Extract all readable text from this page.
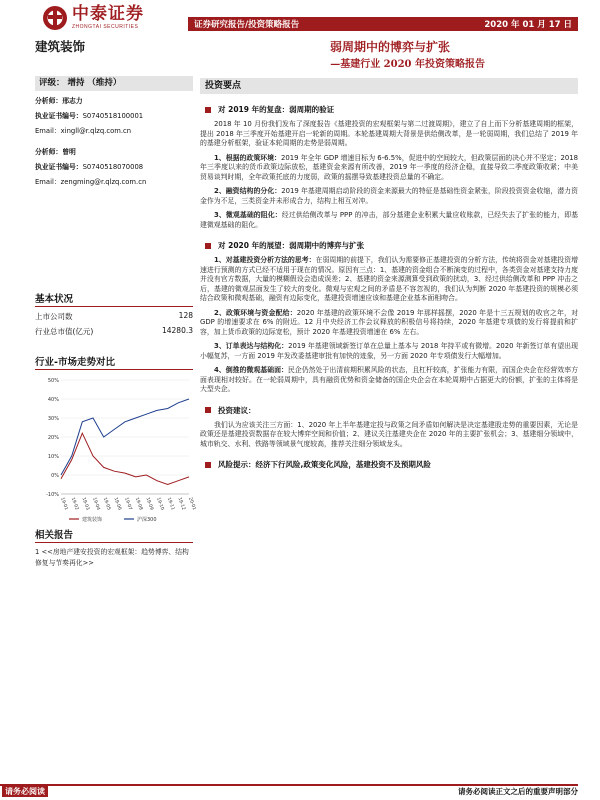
中泰证券
ZHONGTAI SECURITIES	证券研究报告/投资策略报告	2020 年 01 月 17 日
建筑装饰	弱周期中的博弈与扩张
—基建行业 2020 年投资策略报告
评级： 增持 （维持）
分析师：邢志力
执业证书编号：S0740518100001
Email：xingll@r.qlzq.com.cn
分析师：曾明
执业证书编号：S0740518070008
Email：zengming@r.qlzq.com.cn
基本状况
上市公司数	128
行业总市值(亿元)	14280.3
行业-市场走势对比
50%
40%
30%
20%
10%
0%
-10%
19-01 19-02 19-03 19-04 19-05 19-06 19-07 19-08 19-09 19-10 19-11 19-12 20-01
建筑装饰	沪深300
相关报告
1 <<房地产建安投资的宏观框架：趋势博弈、结构修复与节奏再化>>
投资要点
对 2019 年的复盘：弱周期的验证
2018 年 10 月份我们发布了深度报告《基建投资的宏观框架与第二过渡周期》，建立了自上而下分析基建周期的框架，提出 2018 年三季度开始基建开启一轮新的周期。本轮基建周期大背景是供给侧改革，是一轮弱周期，我们总结了 2019 年的基建分析框架，验证本轮周期的走势是弱周期。
1、根据的政策环境：2019 年全年 GDP 增速目标为 6-6.5%，促进中的空间较大，但政策层面的决心并不坚定；2018 年三季度以来的货币政策边际放松，基建资金来源有所改善，2019 年一季度的经济企稳，直接导致二季度政策收紧；中美贸易谈判时期，全年政策托底的力度弱，政策的摇摆导致基建投资总量的不确定。
2、融资结构的分化：2019 年基建周期启动阶段的资金来源最大的特征是基础性资金紧张，阶段投资资金收缩，潜力资金作为不足，三类资金并未形成合力，结构上相互对冲。
3、微观基础的阻化：经过供给侧改革与 PPP 的冲击，部分基建企业积累大量应收账款，已经失去了扩张的能力，即基建微观基础的阻化。
对 2020 年的展望：弱周期中的博弈与扩张
1、对基建投资分析方法的思考：在弱周期的前提下，我们认为需要修正基建投资的分析方法，传统将资金对基建投资增速进行预测的方式已经不适用于现在的情况。原因有三点：1、基建的资金组合不断演变的过程中，各类资金对基建支持力度并没有官方数据，大量的模糊假设会造成误差；2、基建的资金来源测算受到政策的扰动，3、经过供给侧改革和 PPP 冲击之后，基建的微观层面发生了较大的变化。微观与宏观之间的矛盾是不容忽视的，我们认为判断 2020 年基建投资的规模必须结合政策和微观基础，融资有边际变化，基建投资增速应该和基建企业基本面相吻合。
2、政策环境与资金配给：2020 年基建的政策环境不会像 2019 年那样摇摆，2020 年是十三五规划的收官之年，对 GDP 的增速要求在 6% 的附近。12 月中央经济工作会议释放的积极信号将持续，2020 年基建专项债的发行将提前和扩容，加上货币政策的边际宽松，预计 2020 年基建投资增速在 6% 左右。
3、订单表达与结构化：2019 年基建领域新签订单在总量上基本与 2018 年持平或有微增。2020 年新签订单有望出现小幅复苏，一方面 2019 年发改委基建审批有加快的迹象，另一方面 2020 年专项债发行大幅增加。
4、倒推的微观基础面：民企仍然处于出清前期积累风险的状态，且杠杆较高，扩张能力有限，而国企央企在经营效率方面表现相对较好。在一轮弱周期中，具有融资优势和资金储备的国企央企会在本轮周期中占据更大的份额，扩张的主体将是大型央企。
投资建议：
我们认为应该关注三方面：1、2020 年上半年基建定投与政策之间矛盾如何解决是决定基建股走势的重要因素，无论是政策还是基建投资数据存在较大博弈空间和价值；2、建议关注基建央企在 2020 年的主要扩张机会；3、基建细分领域中，城市轨交、水利、铁路等领域景气度较高，推荐关注细分领域龙头。
风险提示： 经济下行风险,政策变化风险，基建投资不及预期风险
请务必阅读	请务必阅读正文之后的重要声明部分
